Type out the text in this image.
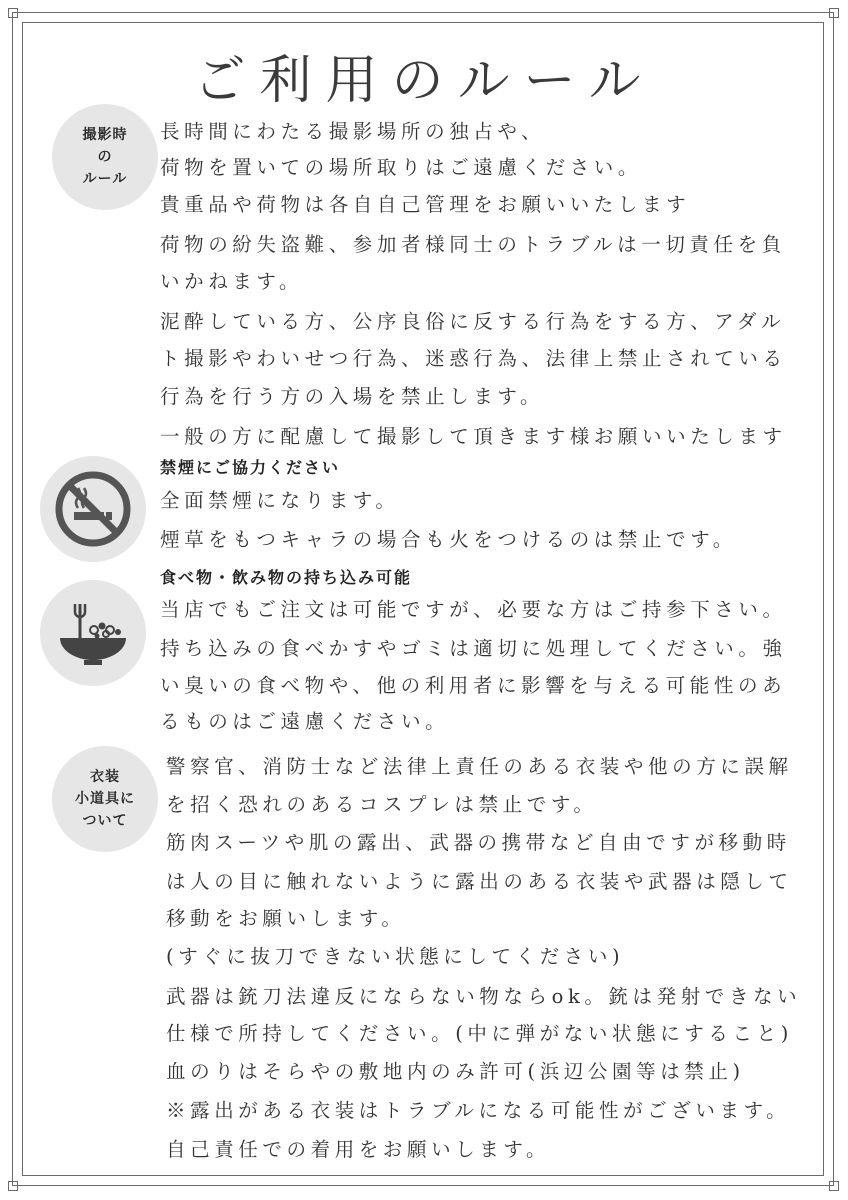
ご利用のルール
撮影時
の
ルール
衣装
小道具に
ついて
長時間にわたる撮影場所の独占や、
荷物を置いての場所取りはご遠慮ください。
貴重品や荷物は各自自己管理をお願いいたします
荷物の紛失盗難、参加者様同士のトラブルは一切責任を負
いかねます。
泥酔している方、公序良俗に反する行為をする方、アダル
ト撮影やわいせつ行為、迷惑行為、法律上禁止されている
行為を行う方の入場を禁止します。
一般の方に配慮して撮影して頂きます様お願いいたします
禁煙にご協力ください
全面禁煙になります。
煙草をもつキャラの場合も火をつけるのは禁止です。
食べ物・飲み物の持ち込み可能
当店でもご注文は可能ですが、必要な方はご持参下さい。
持ち込みの食べかすやゴミは適切に処理してください。強
い臭いの食べ物や、他の利用者に影響を与える可能性のあ
るものはご遠慮ください。
警察官、消防士など法律上責任のある衣装や他の方に誤解
を招く恐れのあるコスプレは禁止です。
筋肉スーツや肌の露出、武器の携帯など自由ですが移動時
は人の目に触れないように露出のある衣装や武器は隠して
移動をお願いします。
(すぐに抜刀できない状態にしてください)
武器は銃刀法違反にならない物ならok。銃は発射できない
仕様で所持してください。(中に弾がない状態にすること)
血のりはそらやの敷地内のみ許可(浜辺公園等は禁止)
※露出がある衣装はトラブルになる可能性がございます。
自己責任での着用をお願いします。
